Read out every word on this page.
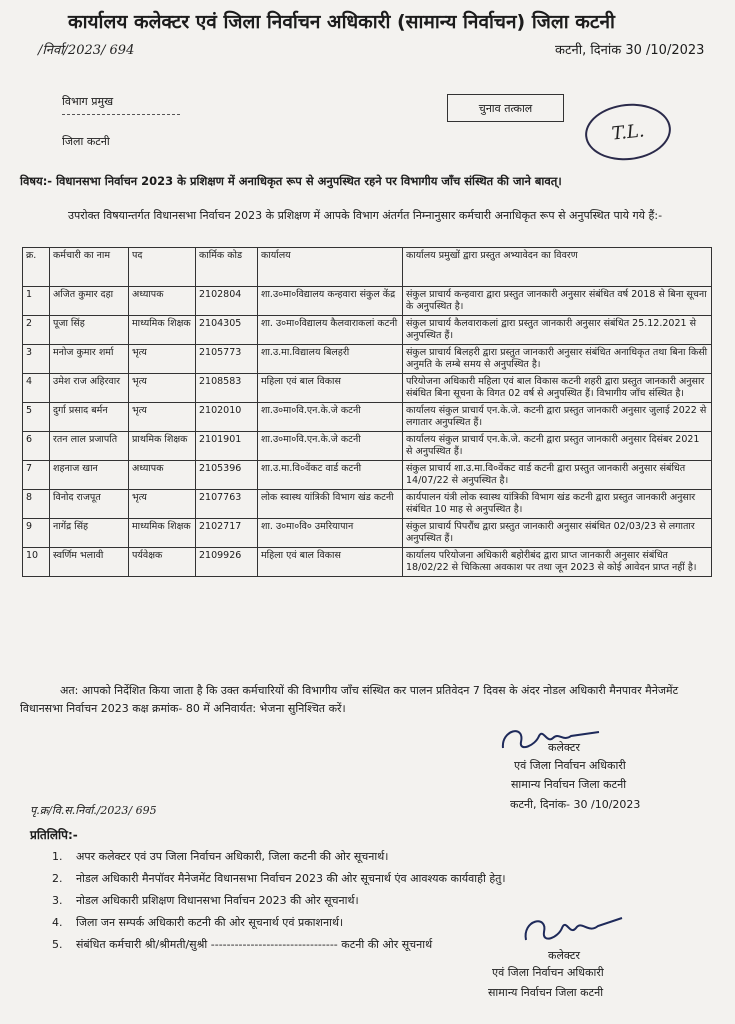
कार्यालय कलेक्टर एवं जिला निर्वाचन अधिकारी (सामान्य निर्वाचन) जिला कटनी
/निर्वा/2023/ 694	कटनी, दिनांक 30 /10/2023
विभाग प्रमुख
जिला कटनी
चुनाव तत्काल
T.L.
विषय:- विधानसभा निर्वाचन 2023 के प्रशिक्षण में अनाधिकृत रूप से अनुपस्थित रहने पर विभागीय जाँच संस्थित की जाने बावत्।
उपरोक्त विषयान्तर्गत विधानसभा निर्वाचन 2023 के प्रशिक्षण में आपके विभाग अंतर्गत निम्नानुसार कर्मचारी अनाधिकृत रूप से अनुपस्थित पाये गये हैं:-
क्र.	कर्मचारी का नाम	पद	कार्मिक कोड	कार्यालय	कार्यालय प्रमुखों द्वारा प्रस्तुत अभ्यावेदन का विवरण
1	अजित कुमार दहा	अध्यापक	2102804	शा.उ०मा०विद्यालय कन्हवारा संकुल केंद्र	संकुल प्राचार्य कन्हवारा द्वारा प्रस्तुत जानकारी अनुसार संबंधित वर्ष 2018 से बिना सूचना के अनुपस्थित है।
2	पूजा सिंह	माध्यमिक शिक्षक	2104305	शा. उ०मा०विद्यालय कैलवाराकलां कटनी	संकुल प्राचार्य कैलवाराकलां द्वारा प्रस्तुत जानकारी अनुसार संबंधित 25.12.2021 से अनुपस्थित हैं।
3	मनोज कुमार शर्मा	भृत्य	2105773	शा.उ.मा.विद्यालय बिलहरी	संकुल प्राचार्य बिलहरी द्वारा प्रस्तुत जानकारी अनुसार संबंधित अनाधिकृत तथा बिना किसी अनुमति के लम्बे समय से अनुपस्थित है।
4	उमेश राज अहिरवार	भृत्य	2108583	महिला एवं बाल विकास	परियोजना अधिकारी महिला एवं बाल विकास कटनी शहरी द्वारा प्रस्तुत जानकारी अनुसार संबंधित बिना सूचना के विगत 02 वर्ष से अनुपस्थित हैं। विभागीय जाँच संस्थित है।
5	दुर्गा प्रसाद बर्मन	भृत्य	2102010	शा.उ०मा०वि.एन.के.जे कटनी	कार्यालय संकुल प्राचार्य एन.के.जे. कटनी द्वारा प्रस्तुत जानकारी अनुसार जुलाई 2022 से लगातार अनुपस्थित हैं।
6	रतन लाल प्रजापति	प्राथमिक शिक्षक	2101901	शा.उ०मा०वि.एन.के.जे कटनी	कार्यालय संकुल प्राचार्य एन.के.जे. कटनी द्वारा प्रस्तुत जानकारी अनुसार दिसंबर 2021 से अनुपस्थित हैं।
7	शहनाज खान	अध्यापक	2105396	शा.उ.मा.वि०वेंकट वार्ड कटनी	संकुल प्राचार्य शा.उ.मा.वि०वेंकट वार्ड कटनी द्वारा प्रस्तुत जानकारी अनुसार संबंधित 14/07/22 से अनुपस्थित है।
8	विनोद राजपूत	भृत्य	2107763	लोक स्वास्थ यांत्रिकी विभाग खंड कटनी	कार्यपालन यंत्री लोक स्वास्थ यांत्रिकी विभाग खंड कटनी द्वारा प्रस्तुत जानकारी अनुसार संबंधित 10 माह से अनुपस्थित है।
9	नागेंद्र सिंह	माध्यमिक शिक्षक	2102717	शा. उ०मा०वि० उमरियापान	संकुल प्राचार्य पिपरौंध द्वारा प्रस्तुत जानकारी अनुसार संबंधित 02/03/23 से लगातार अनुपस्थित हैं।
10	स्वर्णिम भलावी	पर्यवेक्षक	2109926	महिला एवं बाल विकास	कार्यालय परियोजना अधिकारी बहोरीबंद द्वारा प्राप्त जानकारी अनुसार संबंधित 18/02/22 से चिकित्सा अवकाश पर तथा जून 2023 से कोई आवेदन प्राप्त नहीं है।
अत: आपको निर्देशित किया जाता है कि उक्त कर्मचारियों की विभागीय जाँच संस्थित कर पालन प्रतिवेदन 7 दिवस के अंदर नोडल अधिकारी मैनपावर मैनेजमेंट विधानसभा निर्वाचन 2023 कक्ष क्रमांक- 80 में अनिवार्यत: भेजना सुनिश्चित करें।
कलेक्टर
एवं जिला निर्वाचन अधिकारी
सामान्य निर्वाचन जिला कटनी
कटनी, दिनांक- 30 /10/2023
पृ.क्र/वि.स.निर्वा./2023/ 695
प्रतिलिपि:-
1. अपर कलेक्टर एवं उप जिला निर्वाचन अधिकारी, जिला कटनी की ओर सूचनार्थ।
2. नोडल अधिकारी मैनपॉवर मैनेजमेंट विधानसभा निर्वाचन 2023 की ओर सूचनार्थ एंव आवश्यक कार्यवाही हेतु।
3. नोडल अधिकारी प्रशिक्षण विधानसभा निर्वाचन 2023 की ओर सूचनार्थ।
4. जिला जन सम्पर्क अधिकारी कटनी की ओर सूचनार्थ एवं प्रकाशनार्थ।
5. संबंधित कर्मचारी श्री/श्रीमती/सुश्री -------------------------------- कटनी की ओर सूचनार्थ
कलेक्टर
एवं जिला निर्वाचन अधिकारी
सामान्य निर्वाचन जिला कटनी
